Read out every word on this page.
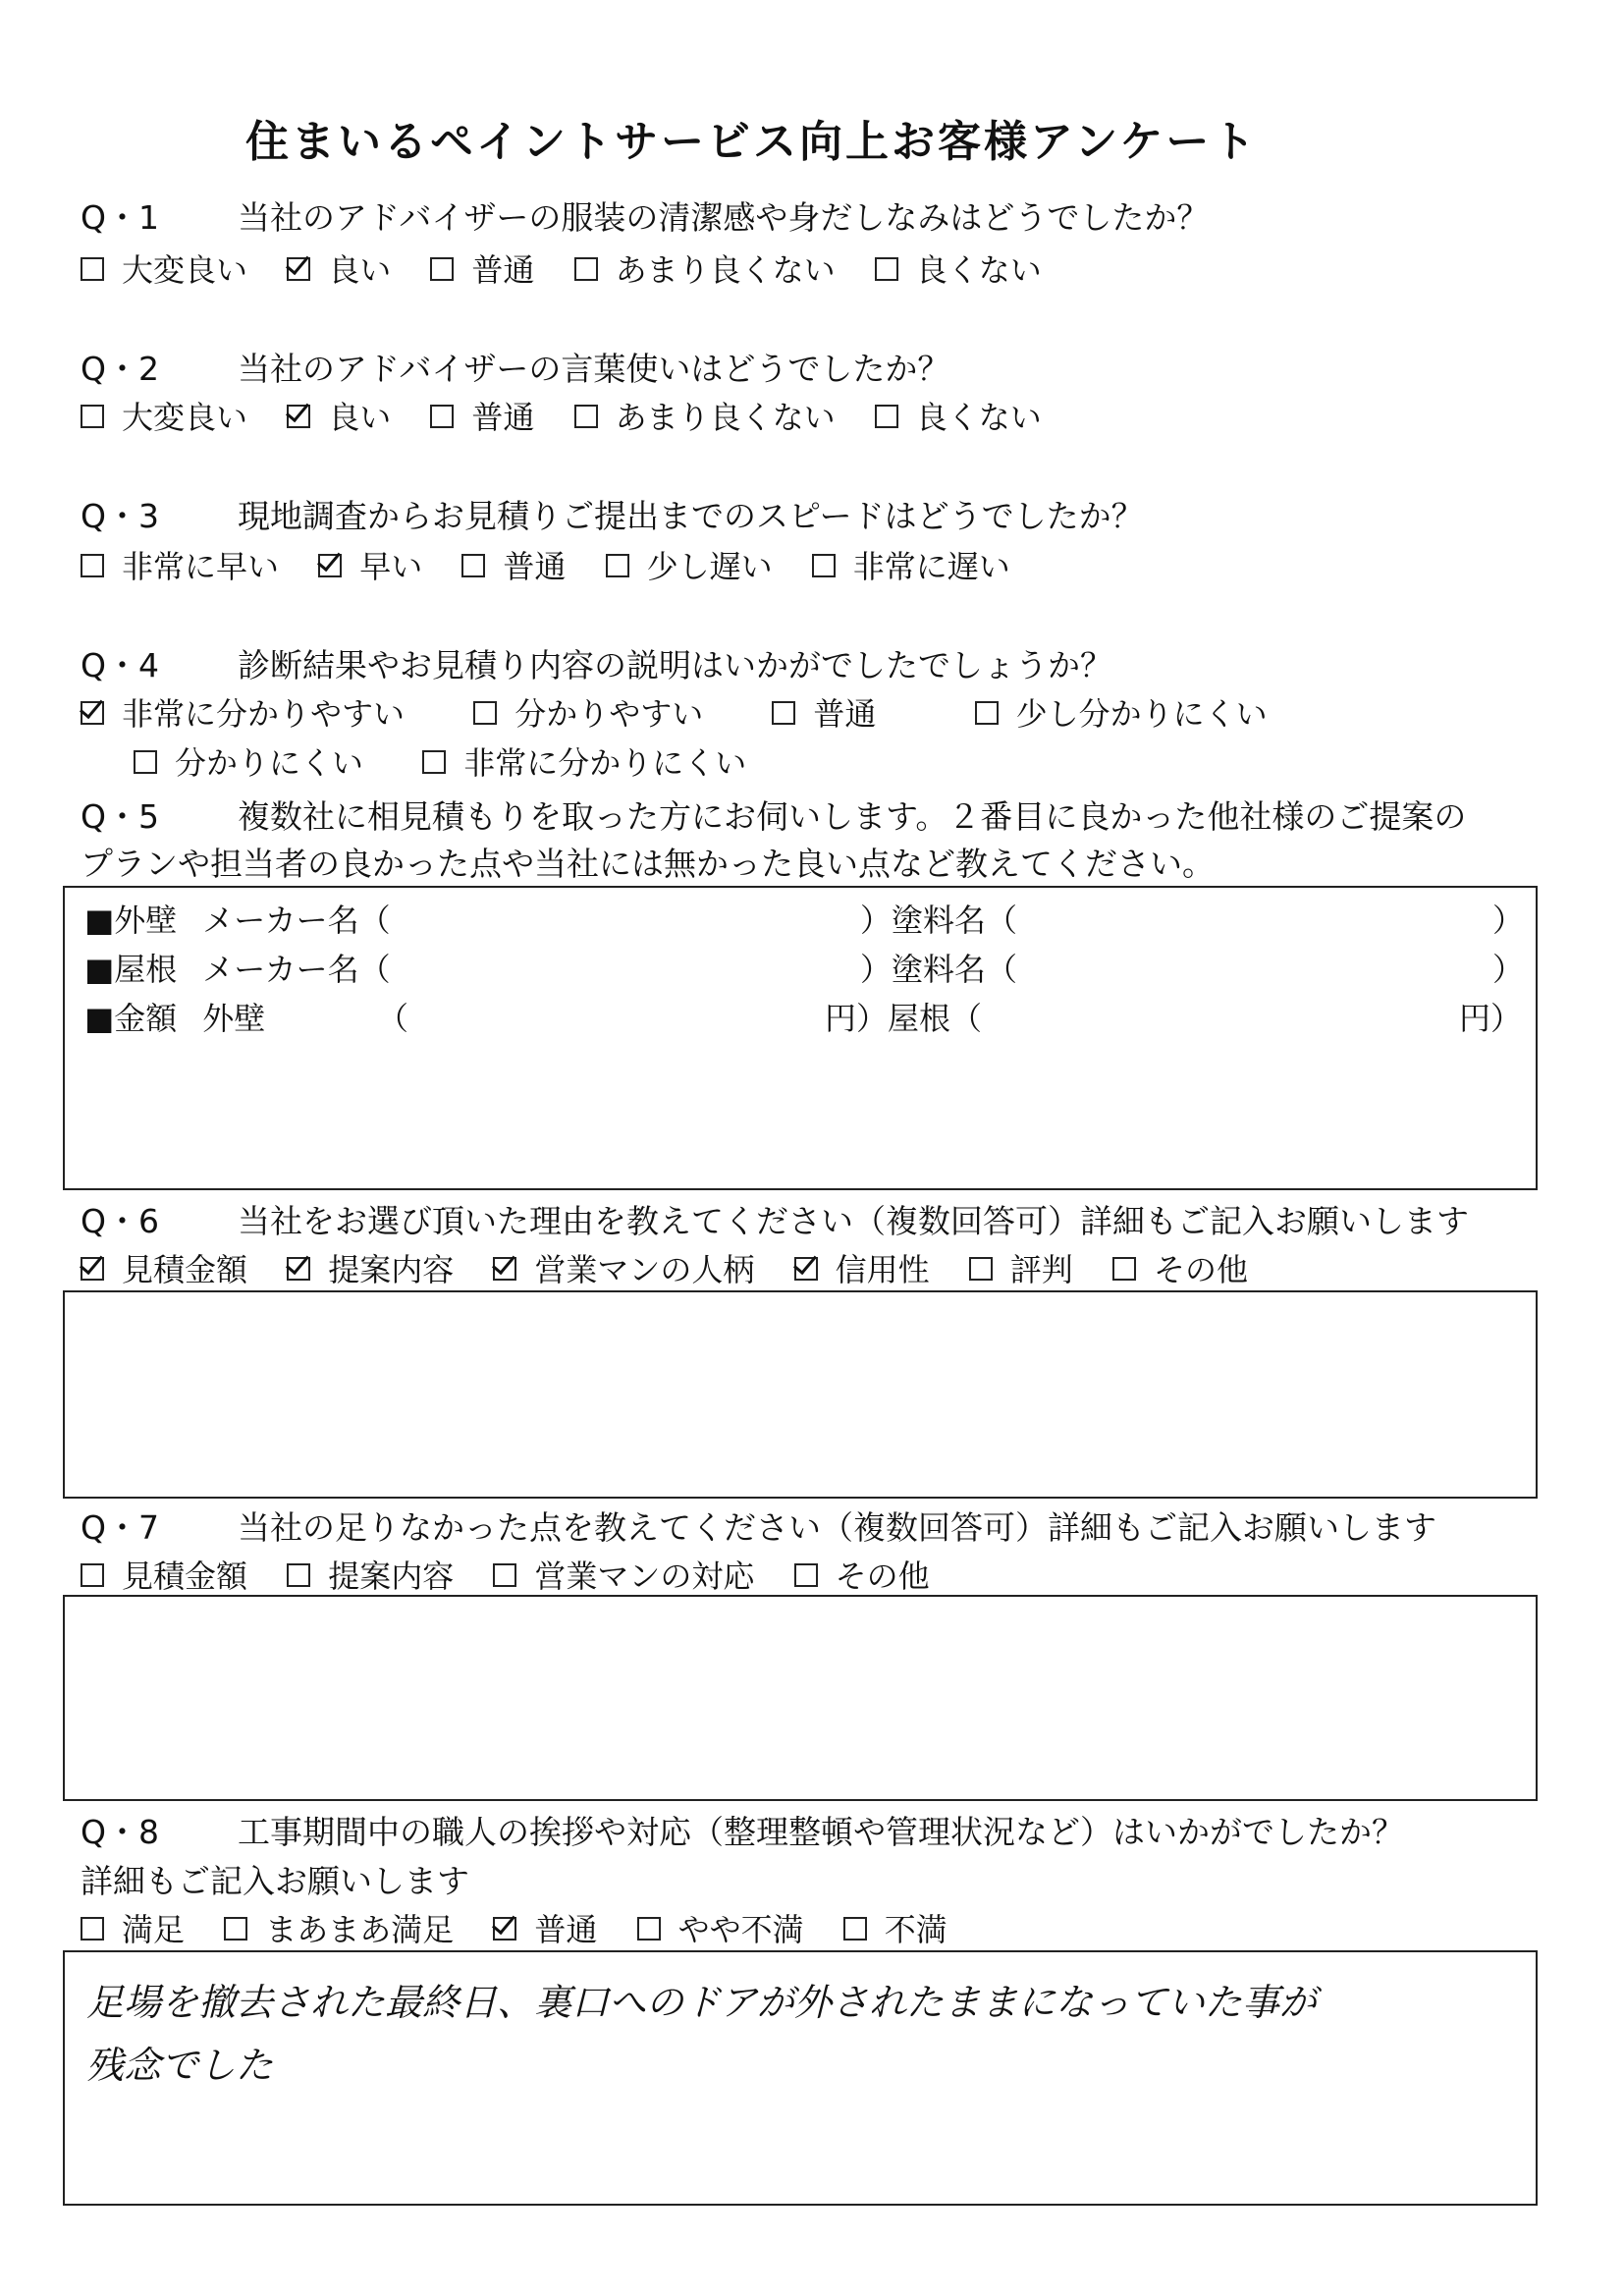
住まいるペイントサービス向上お客様アンケート
Q・1 当社のアドバイザーの服装の清潔感や身だしなみはどうでしたか？
大変良い	良い	普通	あまり良くない	良くない
Q・2 当社のアドバイザーの言葉使いはどうでしたか？
大変良い	良い	普通	あまり良くない	良くない
Q・3 現地調査からお見積りご提出までのスピードはどうでしたか？
非常に早い	早い	普通	少し遅い	非常に遅い
Q・4 診断結果やお見積り内容の説明はいかがでしたでしょうか？
非常に分かりやすい	分かりやすい	普通	少し分かりにくい
分かりにくい	非常に分かりにくい
Q・5 複数社に相見積もりを取った方にお伺いします。２番目に良かった他社様のご提案の
プランや担当者の良かった点や当社には無かった良い点など教えてください。
■外壁 メーカー名（	）塗料名（	）
■屋根 メーカー名（	）塗料名（	）
■金額 外壁	（	円）屋根（	円）
Q・6 当社をお選び頂いた理由を教えてください（複数回答可）詳細もご記入お願いします
見積金額	提案内容	営業マンの人柄	信用性	評判	その他
Q・7 当社の足りなかった点を教えてください（複数回答可）詳細もご記入お願いします
見積金額	提案内容	営業マンの対応	その他
Q・8 工事期間中の職人の挨拶や対応（整理整頓や管理状況など）はいかがでしたか？
詳細もご記入お願いします
満足	まあまあ満足	普通	やや不満	不満
足場を撤去された最終日、裏口へのドアが外されたままになっていた事が
残念でした
